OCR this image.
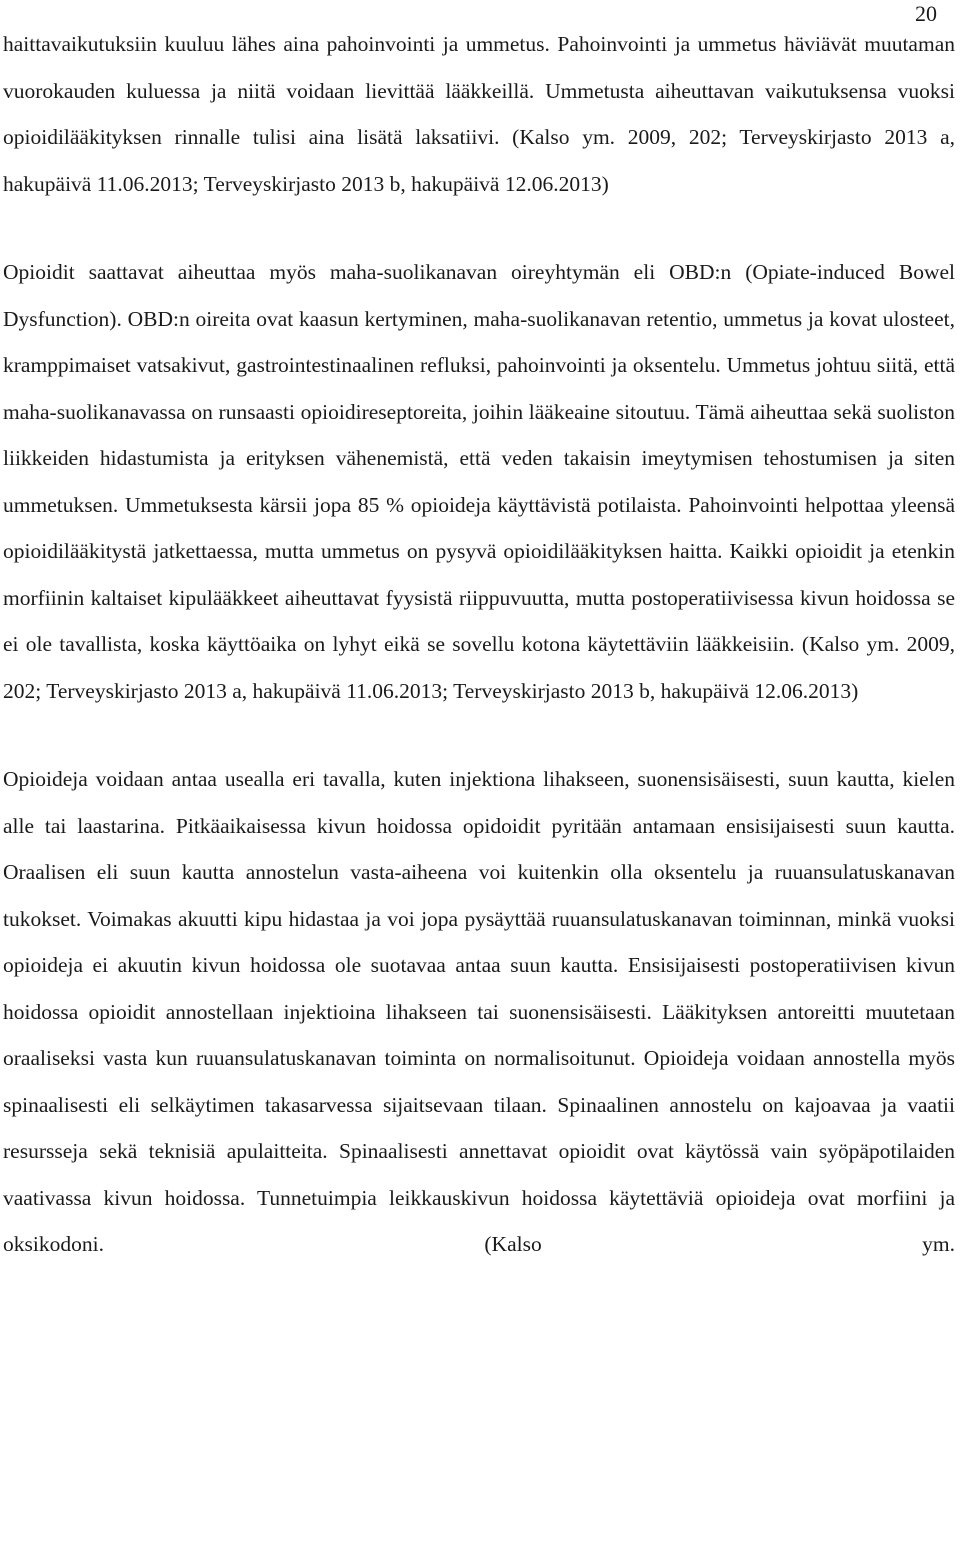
20

haittavaikutuksiin kuuluu lähes aina pahoinvointi ja ummetus. Pahoinvointi ja ummetus häviävät muutaman vuorokauden kuluessa ja niitä voidaan lievittää lääkkeillä. Ummetusta aiheuttavan vaikutuksensa vuoksi opioidilääkityksen rinnalle tulisi aina lisätä laksatiivi. (Kalso ym. 2009, 202; Terveyskirjasto 2013 a, hakupäivä 11.06.2013; Terveyskirjasto 2013 b, hakupäivä 12.06.2013)

Opioidit saattavat aiheuttaa myös maha-suolikanavan oireyhtymän eli OBD:n (Opiate-induced Bowel Dysfunction). OBD:n oireita ovat kaasun kertyminen, maha-suolikanavan retentio, ummetus ja kovat ulosteet, kramppimaiset vatsakivut, gastrointestinaalinen refluksi, pahoinvointi ja oksentelu. Ummetus johtuu siitä, että maha-suolikanavassa on runsaasti opioidireseptoreita, joihin lääkeaine sitoutuu. Tämä aiheuttaa sekä suoliston liikkeiden hidastumista ja erityksen vähenemistä, että veden takaisin imeytymisen tehostumisen ja siten ummetuksen. Ummetuksesta kärsii jopa 85 % opioideja käyttävistä potilaista. Pahoinvointi helpottaa yleensä opioidilääkitystä jatkettaessa, mutta ummetus on pysyvä opioidilääkityksen haitta. Kaikki opioidit ja etenkin morfiinin kaltaiset kipulääkkeet aiheuttavat fyysistä riippuvuutta, mutta postoperatiivisessa kivun hoidossa se ei ole tavallista, koska käyttöaika on lyhyt eikä se sovellu kotona käytettäviin lääkkeisiin. (Kalso ym. 2009, 202; Terveyskirjasto 2013 a, hakupäivä 11.06.2013; Terveyskirjasto 2013 b, hakupäivä 12.06.2013)

Opioideja voidaan antaa usealla eri tavalla, kuten injektiona lihakseen, suonensisäisesti, suun kautta, kielen alle tai laastarina. Pitkäaikaisessa kivun hoidossa opidoidit pyritään antamaan ensisijaisesti suun kautta. Oraalisen eli suun kautta annostelun vasta-aiheena voi kuitenkin olla oksentelu ja ruuansulatuskanavan tukokset. Voimakas akuutti kipu hidastaa ja voi jopa pysäyttää ruuansulatuskanavan toiminnan, minkä vuoksi opioideja ei akuutin kivun hoidossa ole suotavaa antaa suun kautta. Ensisijaisesti postoperatiivisen kivun hoidossa opioidit annostellaan injektioina lihakseen tai suonensisäisesti. Lääkityksen antoreitti muutetaan oraaliseksi vasta kun ruuansulatuskanavan toiminta on normalisoitunut. Opioideja voidaan annostella myös spinaalisesti eli selkäytimen takasarvessa sijaitsevaan tilaan. Spinaalinen annostelu on kajoavaa ja vaatii resursseja sekä teknisiä apulaitteita. Spinaalisesti annettavat opioidit ovat käytössä vain syöpäpotilaiden vaativassa kivun hoidossa. Tunnetuimpia leikkauskivun hoidossa käytettäviä opioideja ovat morfiini ja oksikodoni. (Kalso ym.
